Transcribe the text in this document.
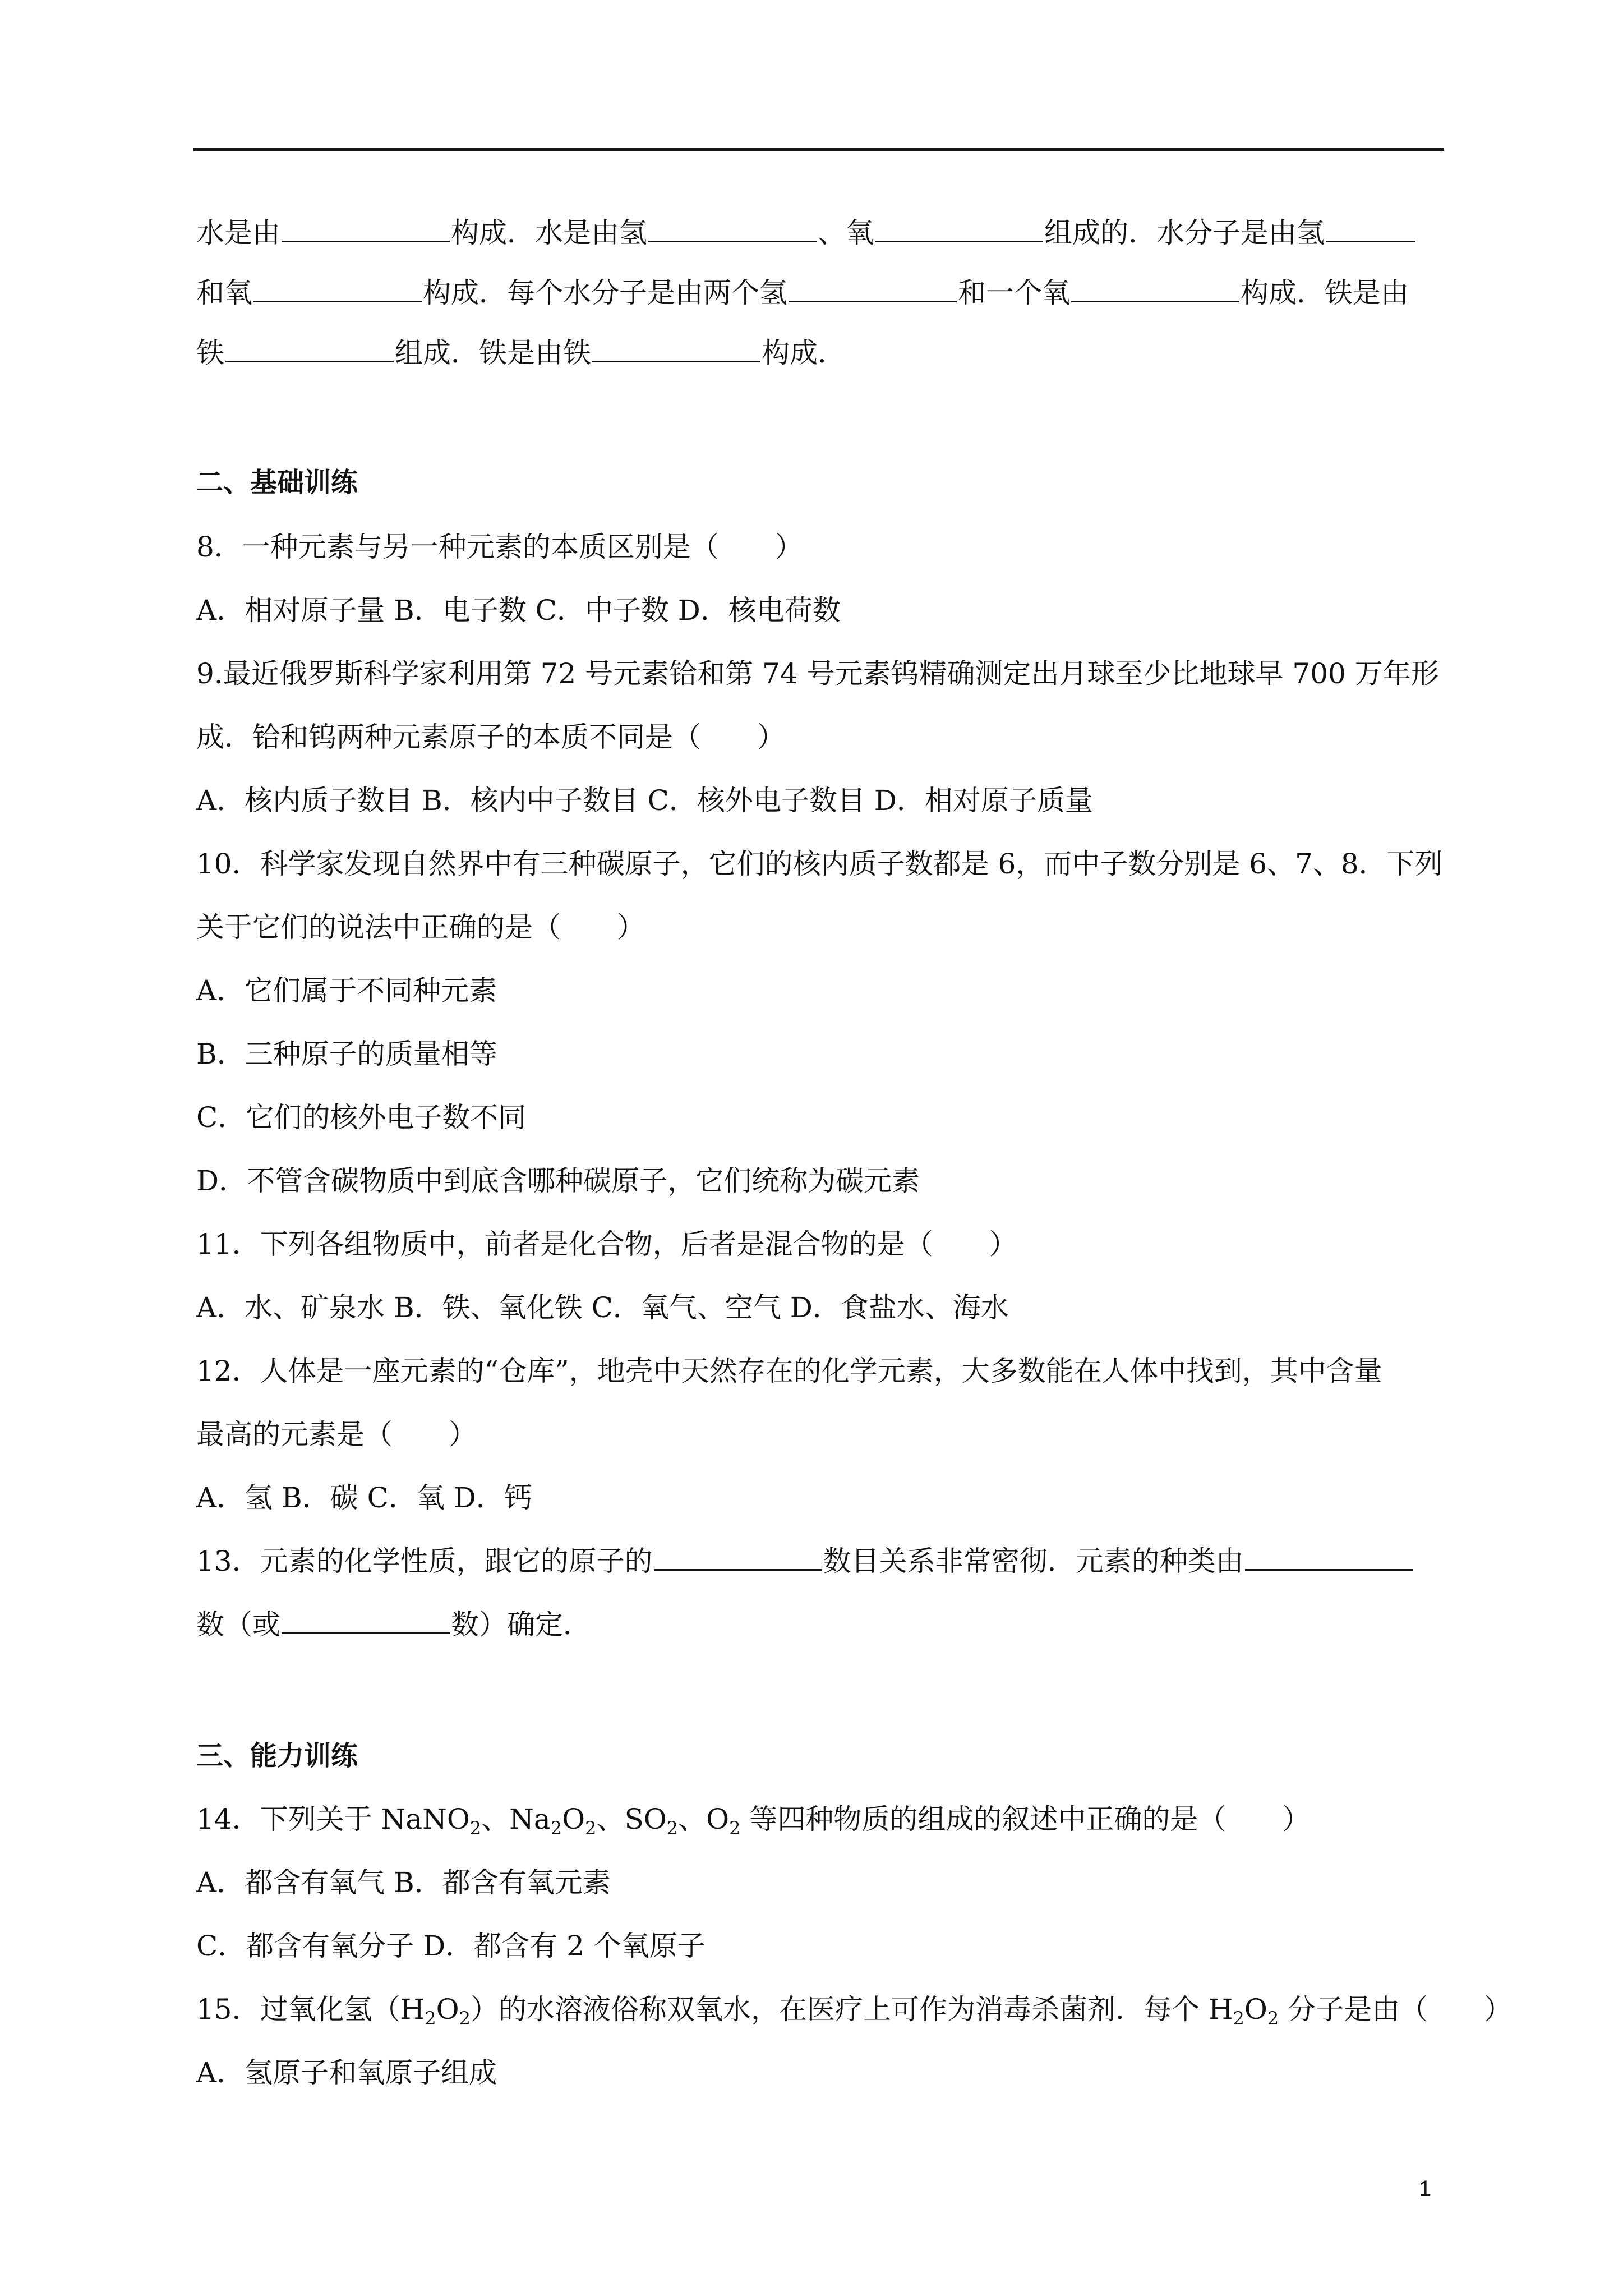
水是由	构成．水是由氢	、氧	组成的．水分子是由氢
和氧	构成．每个水分子是由两个氢	和一个氧	构成．铁是由
铁	组成．铁是由铁	构成．
二、基础训练
8．一种元素与另一种元素的本质区别是（　　）
A．相对原子量 B．电子数 C．中子数 D．核电荷数
9.最近俄罗斯科学家利用第 72 号元素铪和第 74 号元素钨精确测定出月球至少比地球早 700 万年形
成．铪和钨两种元素原子的本质不同是（　　）
A．核内质子数目 B．核内中子数目 C．核外电子数目 D．相对原子质量
10．科学家发现自然界中有三种碳原子，它们的核内质子数都是 6，而中子数分别是 6、7、8．下列
关于它们的说法中正确的是（　　）
A．它们属于不同种元素
B．三种原子的质量相等
C．它们的核外电子数不同
D．不管含碳物质中到底含哪种碳原子，它们统称为碳元素
11．下列各组物质中，前者是化合物，后者是混合物的是（　　）
A．水、矿泉水 B．铁、氧化铁 C．氧气、空气 D．食盐水、海水
12．人体是一座元素的“仓库”，地壳中天然存在的化学元素，大多数能在人体中找到，其中含量
最高的元素是（　　）
A．氢 B．碳 C．氧 D．钙
13．元素的化学性质，跟它的原子的	数目关系非常密彻．元素的种类由
数（或	数）确定．
三、能力训练
14．下列关于 NaNO$_2$、$Na_2O_2$、$SO_2$、$O_2$ 等四种物质的组成的叙述中正确的是（　　）
A．都含有氧气 B．都含有氧元素
C．都含有氧分子 D．都含有 2 个氧原子
15．过氧化氢$(H_2O_2)$的水溶液俗称双氧水，在医疗上可作为消毒杀菌剂．每个 $H_2O_2$ 分子是由（　　）
A．氢原子和氧原子组成
1
